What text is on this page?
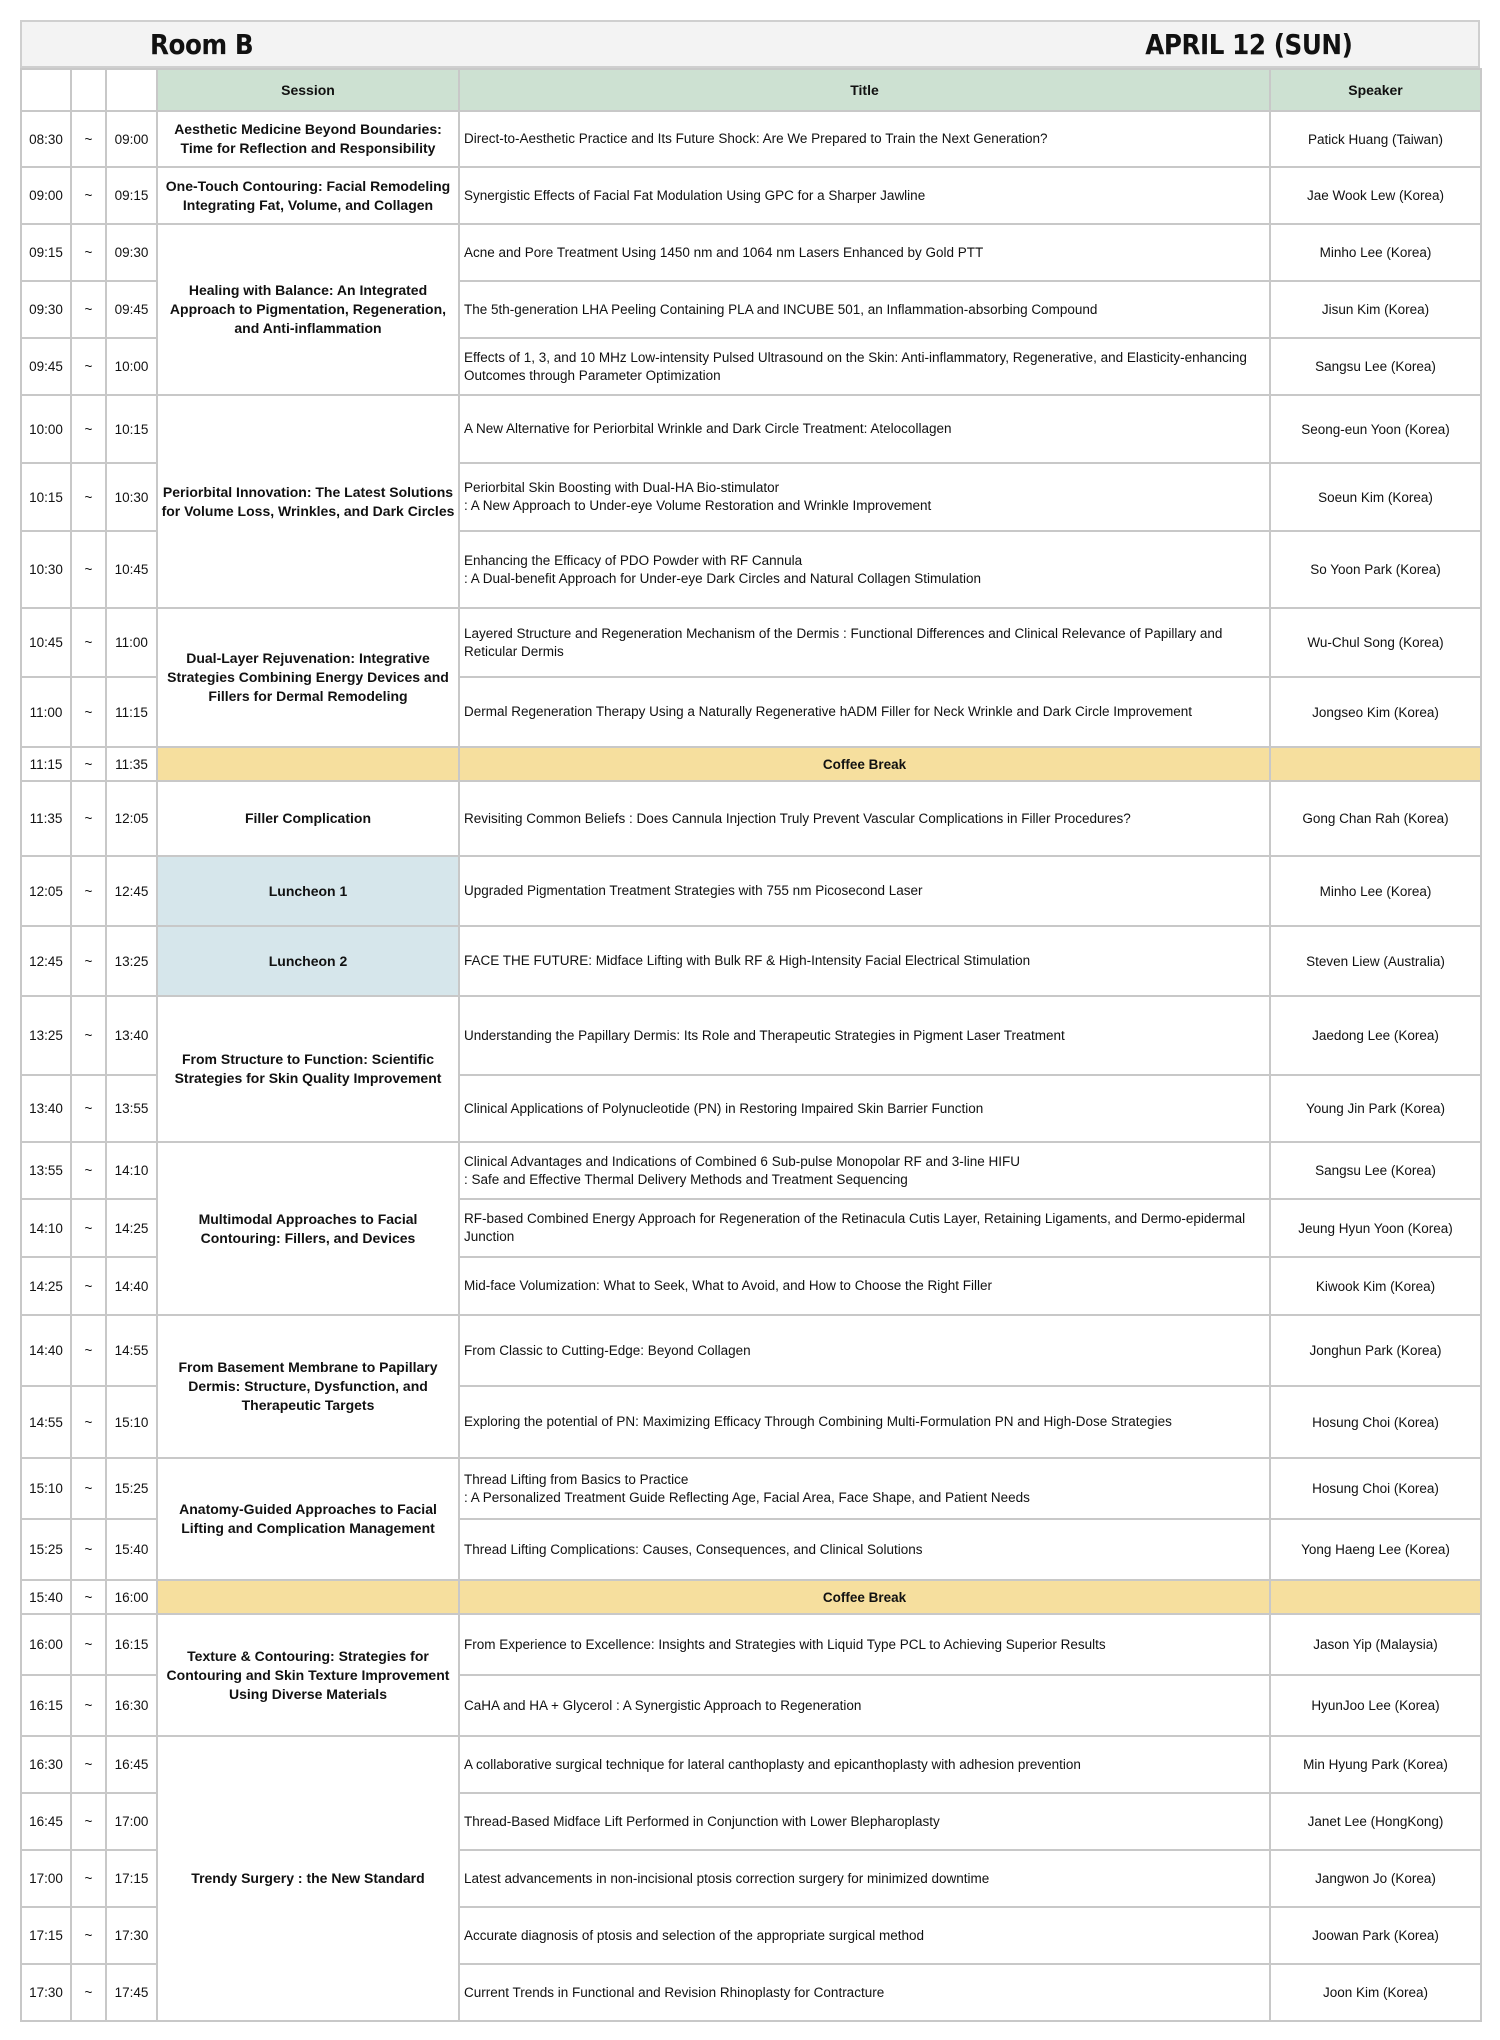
Room B	APRIL 12 (SUN)
			Session	Title	Speaker
08:30	~	09:00	Aesthetic Medicine Beyond Boundaries: Time for Reflection and Responsibility	Direct-to-Aesthetic Practice and Its Future Shock: Are We Prepared to Train the Next Generation?	Patick Huang (Taiwan)
09:00	~	09:15	One-Touch Contouring: Facial Remodeling Integrating Fat, Volume, and Collagen	Synergistic Effects of Facial Fat Modulation Using GPC for a Sharper Jawline	Jae Wook Lew (Korea)
09:15	~	09:30	Healing with Balance: An Integrated Approach to Pigmentation, Regeneration, and Anti-inflammation	Acne and Pore Treatment Using 1450 nm and 1064 nm Lasers Enhanced by Gold PTT	Minho Lee (Korea)
09:30	~	09:45		The 5th-generation LHA Peeling Containing PLA and INCUBE 501, an Inflammation-absorbing Compound	Jisun Kim (Korea)
09:45	~	10:00		Effects of 1, 3, and 10 MHz Low-intensity Pulsed Ultrasound on the Skin: Anti-inflammatory, Regenerative, and Elasticity-enhancing Outcomes through Parameter Optimization	Sangsu Lee (Korea)
10:00	~	10:15	Periorbital Innovation: The Latest Solutions for Volume Loss, Wrinkles, and Dark Circles	A New Alternative for Periorbital Wrinkle and Dark Circle Treatment: Atelocollagen	Seong-eun Yoon (Korea)
10:15	~	10:30		Periorbital Skin Boosting with Dual-HA Bio-stimulator
: A New Approach to Under-eye Volume Restoration and Wrinkle Improvement	Soeun Kim (Korea)
10:30	~	10:45		Enhancing the Efficacy of PDO Powder with RF Cannula
: A Dual-benefit Approach for Under-eye Dark Circles and Natural Collagen Stimulation	So Yoon Park (Korea)
10:45	~	11:00	Dual-Layer Rejuvenation: Integrative Strategies Combining Energy Devices and Fillers for Dermal Remodeling	Layered Structure and Regeneration Mechanism of the Dermis : Functional Differences and Clinical Relevance of Papillary and Reticular Dermis	Wu-Chul Song (Korea)
11:00	~	11:15		Dermal Regeneration Therapy Using a Naturally Regenerative hADM Filler for Neck Wrinkle and Dark Circle Improvement	Jongseo Kim (Korea)
11:15	~	11:35		Coffee Break	
11:35	~	12:05	Filler Complication	Revisiting Common Beliefs : Does Cannula Injection Truly Prevent Vascular Complications in Filler Procedures?	Gong Chan Rah (Korea)
12:05	~	12:45	Luncheon 1	Upgraded Pigmentation Treatment Strategies with 755 nm Picosecond Laser	Minho Lee (Korea)
12:45	~	13:25	Luncheon 2	FACE THE FUTURE: Midface Lifting with Bulk RF & High-Intensity Facial Electrical Stimulation	Steven Liew (Australia)
13:25	~	13:40	From Structure to Function: Scientific Strategies for Skin Quality Improvement	Understanding the Papillary Dermis: Its Role and Therapeutic Strategies in Pigment Laser Treatment	Jaedong Lee (Korea)
13:40	~	13:55		Clinical Applications of Polynucleotide (PN) in Restoring Impaired Skin Barrier Function	Young Jin Park (Korea)
13:55	~	14:10	Multimodal Approaches to Facial Contouring: Fillers, and Devices	Clinical Advantages and Indications of Combined 6 Sub-pulse Monopolar RF and 3-line HIFU
: Safe and Effective Thermal Delivery Methods and Treatment Sequencing	Sangsu Lee (Korea)
14:10	~	14:25		RF-based Combined Energy Approach for Regeneration of the Retinacula Cutis Layer, Retaining Ligaments, and Dermo-epidermal Junction	Jeung Hyun Yoon (Korea)
14:25	~	14:40		Mid-face Volumization: What to Seek, What to Avoid, and How to Choose the Right Filler	Kiwook Kim (Korea)
14:40	~	14:55	From Basement Membrane to Papillary Dermis: Structure, Dysfunction, and Therapeutic Targets	From Classic to Cutting-Edge: Beyond Collagen	Jonghun Park (Korea)
14:55	~	15:10		Exploring the potential of PN: Maximizing Efficacy Through Combining Multi-Formulation PN and High-Dose Strategies	Hosung Choi (Korea)
15:10	~	15:25	Anatomy-Guided Approaches to Facial Lifting and Complication Management	Thread Lifting from Basics to Practice
: A Personalized Treatment Guide Reflecting Age, Facial Area, Face Shape, and Patient Needs	Hosung Choi (Korea)
15:25	~	15:40		Thread Lifting Complications: Causes, Consequences, and Clinical Solutions	Yong Haeng Lee (Korea)
15:40	~	16:00		Coffee Break	
16:00	~	16:15	Texture & Contouring: Strategies for Contouring and Skin Texture Improvement Using Diverse Materials	From Experience to Excellence: Insights and Strategies with Liquid Type PCL to Achieving Superior Results	Jason Yip (Malaysia)
16:15	~	16:30		CaHA and HA + Glycerol : A Synergistic Approach to Regeneration	HyunJoo Lee (Korea)
16:30	~	16:45	Trendy Surgery : the New Standard	A collaborative surgical technique for lateral canthoplasty and epicanthoplasty with adhesion prevention	Min Hyung Park (Korea)
16:45	~	17:00		Thread-Based Midface Lift Performed in Conjunction with Lower Blepharoplasty	Janet Lee (HongKong)
17:00	~	17:15		Latest advancements in non-incisional ptosis correction surgery for minimized downtime	Jangwon Jo (Korea)
17:15	~	17:30		Accurate diagnosis of ptosis and selection of the appropriate surgical method	Joowan Park (Korea)
17:30	~	17:45		Current Trends in Functional and Revision Rhinoplasty for Contracture	Joon Kim (Korea)
